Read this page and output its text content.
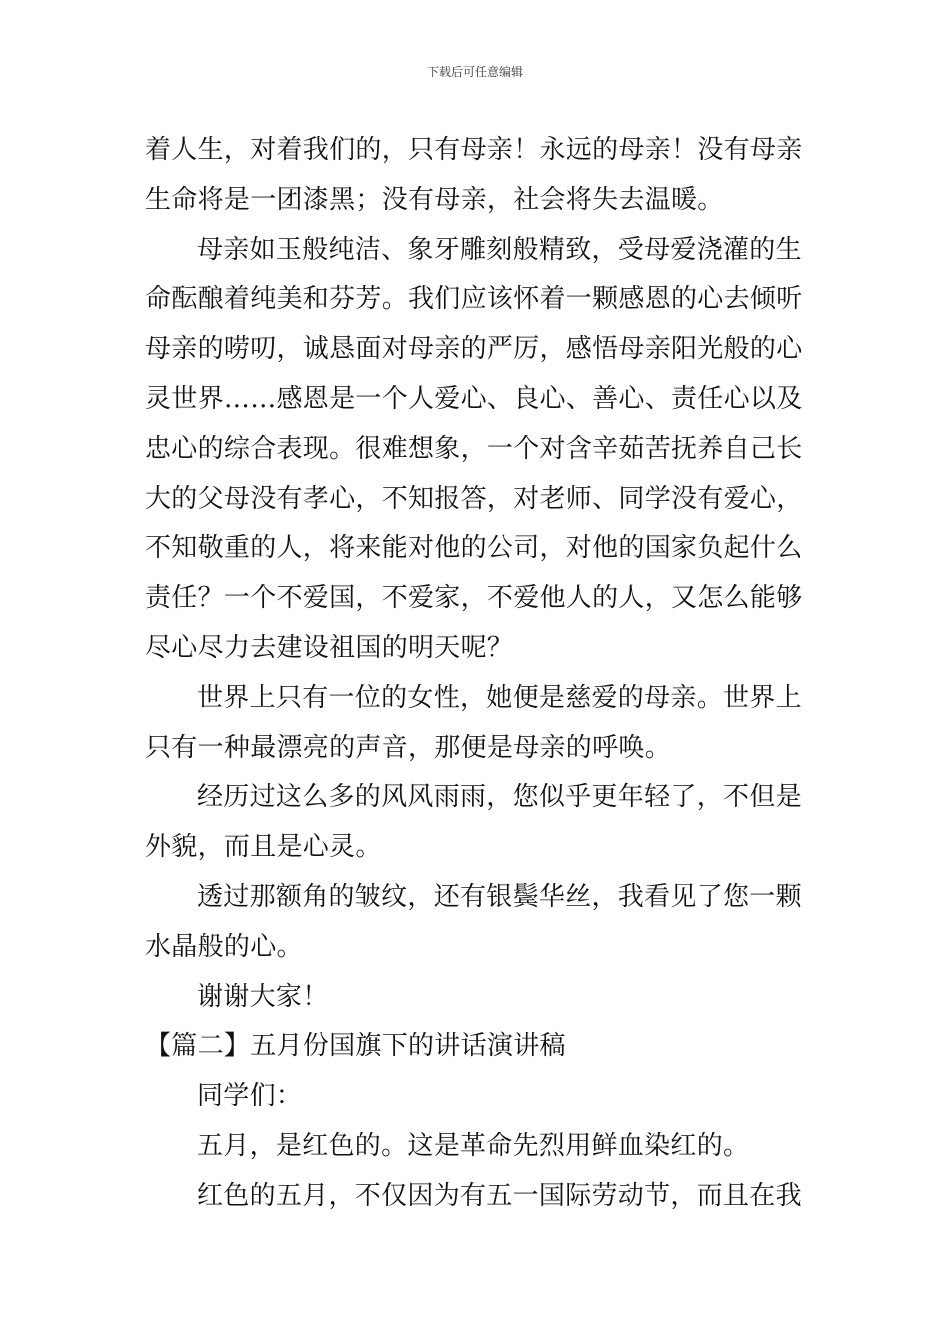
下载后可任意编辑
着人生，对着我们的，只有母亲！永远的母亲！没有母亲
生命将是一团漆黑；没有母亲，社会将失去温暖。
母亲如玉般纯洁、象牙雕刻般精致，受母爱浇灌的生
命酝酿着纯美和芬芳。我们应该怀着一颗感恩的心去倾听
母亲的唠叨，诚恳面对母亲的严厉，感悟母亲阳光般的心
灵世界……感恩是一个人爱心、良心、善心、责任心以及
忠心的综合表现。很难想象，一个对含辛茹苦抚养自己长
大的父母没有孝心，不知报答，对老师、同学没有爱心，
不知敬重的人，将来能对他的公司，对他的国家负起什么
责任？一个不爱国，不爱家，不爱他人的人，又怎么能够
尽心尽力去建设祖国的明天呢？
世界上只有一位的女性，她便是慈爱的母亲。世界上
只有一种最漂亮的声音，那便是母亲的呼唤。
经历过这么多的风风雨雨，您似乎更年轻了，不但是
外貌，而且是心灵。
透过那额角的皱纹，还有银鬓华丝，我看见了您一颗
水晶般的心。
谢谢大家！
【篇二】五月份国旗下的讲话演讲稿
同学们：
五月，是红色的。这是革命先烈用鲜血染红的。
红色的五月，不仅因为有五一国际劳动节，而且在我
